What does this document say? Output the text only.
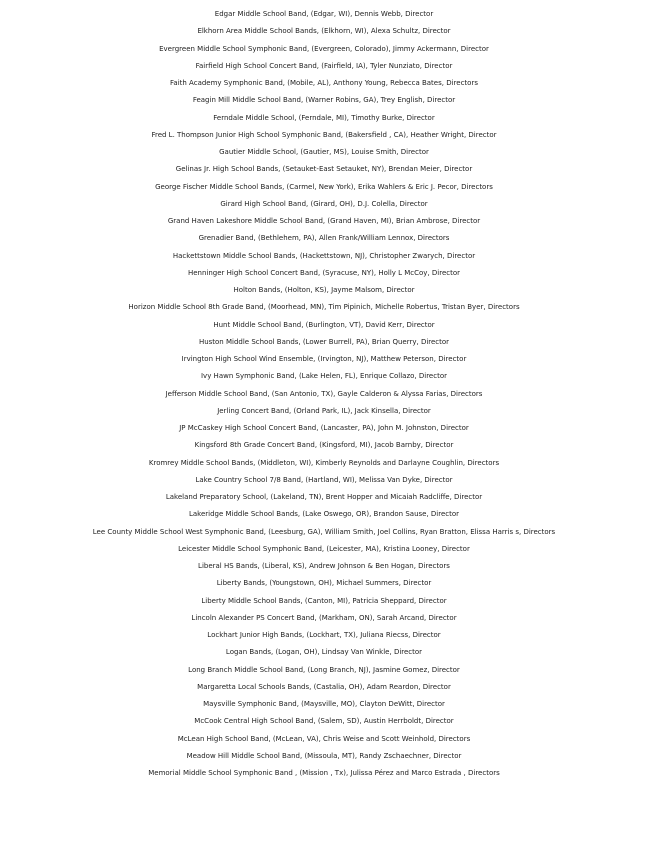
Edgar Middle School Band, (Edgar, WI), Dennis Webb, Director
Elkhorn Area Middle School Bands, (Elkhorn, WI), Alexa Schultz, Director
Evergreen Middle School Symphonic Band, (Evergreen, Colorado), Jimmy Ackermann, Director
Fairfield High School Concert Band, (Fairfield, IA), Tyler Nunziato, Director
Faith Academy Symphonic Band, (Mobile, AL), Anthony Young, Rebecca Bates, Directors
Feagin Mill Middle School Band, (Warner Robins, GA), Trey English, Director
Ferndale Middle School, (Ferndale, MI), Timothy Burke, Director
Fred L. Thompson Junior High School Symphonic Band, (Bakersfield , CA), Heather Wright, Director
Gautier Middle School, (Gautier, MS), Louise Smith, Director
Gelinas Jr. High School Bands, (Setauket-East Setauket, NY), Brendan Meier, Director
George Fischer Middle School Bands, (Carmel, New York), Erika Wahlers & Eric J. Pecor, Directors
Girard High School Band, (Girard, OH), D.J. Colella, Director
Grand Haven Lakeshore Middle School Band, (Grand Haven, MI), Brian Ambrose, Director
Grenadier Band, (Bethlehem, PA), Allen Frank/William Lennox, Directors
Hackettstown Middle School Bands, (Hackettstown, NJ), Christopher Zwarych, Director
Henninger High School Concert Band, (Syracuse, NY), Holly L McCoy, Director
Holton Bands, (Holton, KS), Jayme Malsom, Director
Horizon Middle School 8th Grade Band, (Moorhead, MN), Tim Pipinich, Michelle Robertus, Tristan Byer, Directors
Hunt Middle School Band, (Burlington, VT), David Kerr, Director
Huston Middle School Bands, (Lower Burrell, PA), Brian Querry, Director
Irvington High School Wind Ensemble, (Irvington, NJ), Matthew Peterson, Director
Ivy Hawn Symphonic Band, (Lake Helen, FL), Enrique Collazo, Director
Jefferson Middle School Band, (San Antonio, TX), Gayle Calderon & Alyssa Farias, Directors
Jerling Concert Band, (Orland Park, IL), Jack Kinsella, Director
JP McCaskey High School Concert Band, (Lancaster, PA), John M. Johnston, Director
Kingsford 8th Grade Concert Band, (Kingsford, MI), Jacob Barnby, Director
Kromrey Middle School Bands, (Middleton, WI), Kimberly Reynolds and Darlayne Coughlin, Directors
Lake Country School 7/8 Band, (Hartland, WI), Melissa Van Dyke, Director
Lakeland Preparatory School, (Lakeland, TN), Brent Hopper and Micaiah Radcliffe, Director
Lakeridge Middle School Bands, (Lake Oswego, OR), Brandon Sause, Director
Lee County Middle School West Symphonic Band, (Leesburg, GA), William Smith, Joel Collins, Ryan Bratton, Elissa Harris s, Directors
Leicester Middle School Symphonic Band, (Leicester, MA), Kristina Looney, Director
Liberal HS Bands, (Liberal, KS), Andrew Johnson & Ben Hogan, Directors
Liberty Bands, (Youngstown, OH), Michael Summers, Director
Liberty Middle School Bands, (Canton, MI), Patricia Sheppard, Director
Lincoln Alexander PS Concert Band, (Markham, ON), Sarah Arcand, Director
Lockhart Junior High Bands, (Lockhart, TX), Juliana Riecss, Director
Logan Bands, (Logan, OH), Lindsay Van Winkle, Director
Long Branch Middle School Band, (Long Branch, NJ), Jasmine Gomez, Director
Margaretta Local Schools Bands, (Castalia, OH), Adam Reardon, Director
Maysville Symphonic Band, (Maysville, MO), Clayton DeWitt, Director
McCook Central High School Band, (Salem, SD), Austin Herrboldt, Director
McLean High School Band, (McLean, VA), Chris Weise and Scott Weinhold, Directors
Meadow Hill Middle School Band, (Missoula, MT), Randy Zschaechner, Director
Memorial Middle School Symphonic Band , (Mission , Tx), Julissa Pérez and Marco Estrada , Directors
